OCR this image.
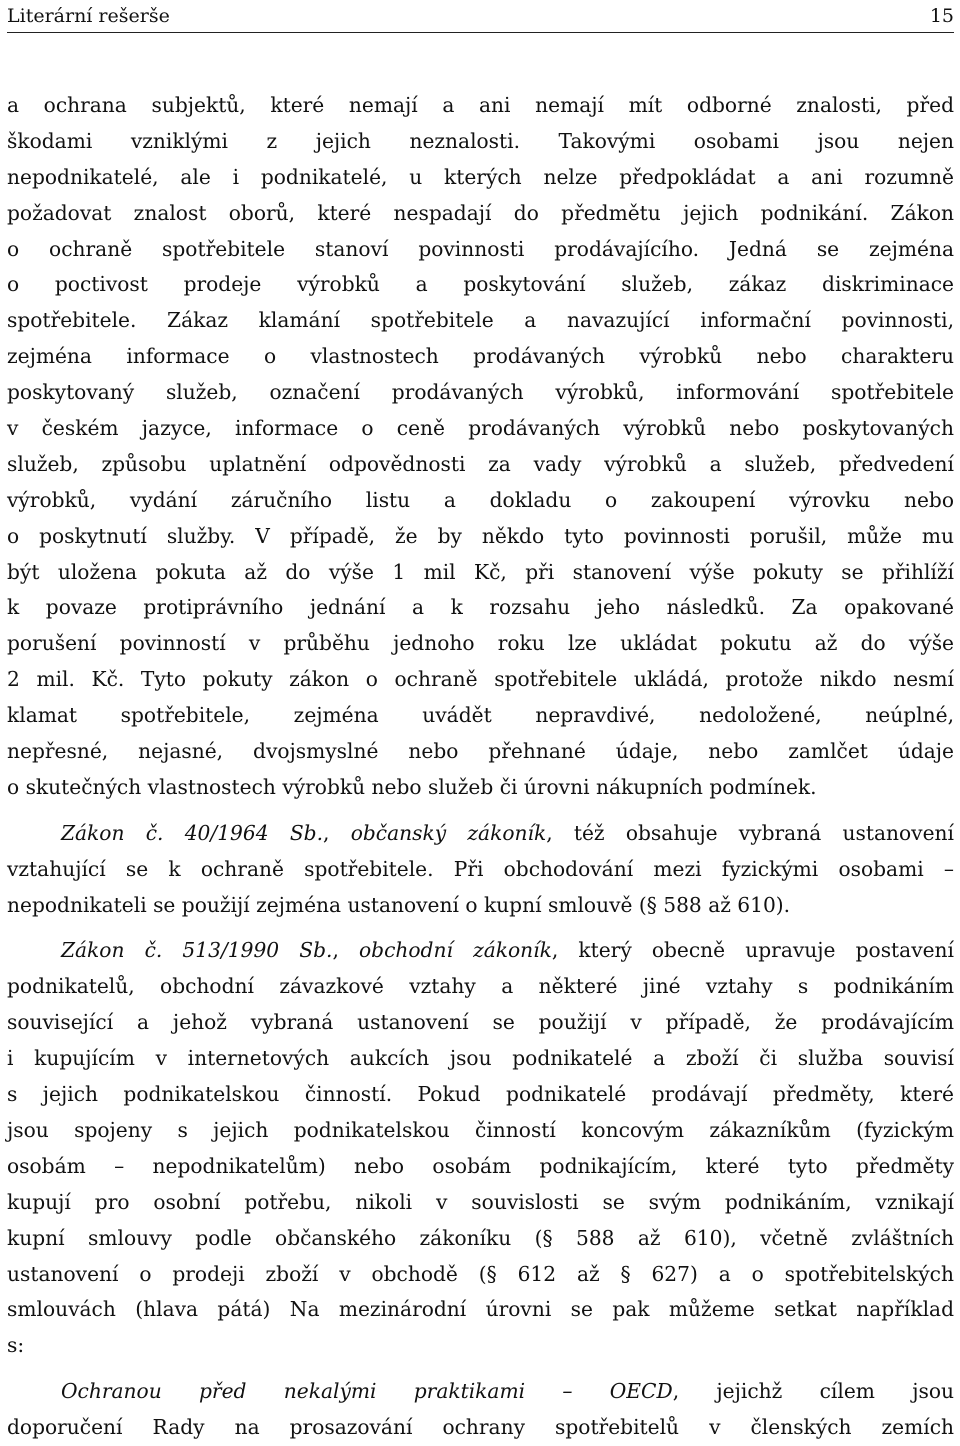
Literární rešerše	15
a ochrana subjektů, které nemají a ani nemají mít odborné znalosti, před
škodami vzniklými z jejich neznalosti. Takovými osobami jsou nejen
nepodnikatelé, ale i podnikatelé, u kterých nelze předpokládat a ani rozumně
požadovat znalost oborů, které nespadají do předmětu jejich podnikání. Zákon
o ochraně spotřebitele stanoví povinnosti prodávajícího. Jedná se zejména
o poctivost prodeje výrobků a poskytování služeb, zákaz diskriminace
spotřebitele. Zákaz klamání spotřebitele a navazující informační povinnosti,
zejména informace o vlastnostech prodávaných výrobků nebo charakteru
poskytovaný služeb, označení prodávaných výrobků, informování spotřebitele
v českém jazyce, informace o ceně prodávaných výrobků nebo poskytovaných
služeb, způsobu uplatnění odpovědnosti za vady výrobků a služeb, předvedení
výrobků, vydání záručního listu a dokladu o zakoupení výrovku nebo
o poskytnutí služby. V případě, že by někdo tyto povinnosti porušil, může mu
být uložena pokuta až do výše 1 mil Kč, při stanovení výše pokuty se přihlíží
k povaze protiprávního jednání a k rozsahu jeho následků. Za opakované
porušení povinností v průběhu jednoho roku lze ukládat pokutu až do výše
2 mil. Kč. Tyto pokuty zákon o ochraně spotřebitele ukládá, protože nikdo nesmí
klamat spotřebitele, zejména uvádět nepravdivé, nedoložené, neúplné,
nepřesné, nejasné, dvojsmyslné nebo přehnané údaje, nebo zamlčet údaje
o skutečných vlastnostech výrobků nebo služeb či úrovni nákupních podmínek.
Zákon č. 40/1964 Sb., občanský zákoník, též obsahuje vybraná ustanovení
vztahující se k ochraně spotřebitele. Při obchodování mezi fyzickými osobami –
nepodnikateli se použijí zejména ustanovení o kupní smlouvě (§ 588 až 610).
Zákon č. 513/1990 Sb., obchodní zákoník, který obecně upravuje postavení
podnikatelů, obchodní závazkové vztahy a některé jiné vztahy s podnikáním
související a jehož vybraná ustanovení se použijí v případě, že prodávajícím
i kupujícím v internetových aukcích jsou podnikatelé a zboží či služba souvisí
s jejich podnikatelskou činností. Pokud podnikatelé prodávají předměty, které
jsou spojeny s jejich podnikatelskou činností koncovým zákazníkům (fyzickým
osobám – nepodnikatelům) nebo osobám podnikajícím, které tyto předměty
kupují pro osobní potřebu, nikoli v souvislosti se svým podnikáním, vznikají
kupní smlouvy podle občanského zákoníku (§ 588 až 610), včetně zvláštních
ustanovení o prodeji zboží v obchodě (§ 612 až § 627) a o spotřebitelských
smlouvách (hlava pátá) Na mezinárodní úrovni se pak můžeme setkat například
s:
Ochranou před nekalými praktikami – OECD, jejichž cílem jsou
doporučení Rady na prosazování ochrany spotřebitelů v členských zemích
